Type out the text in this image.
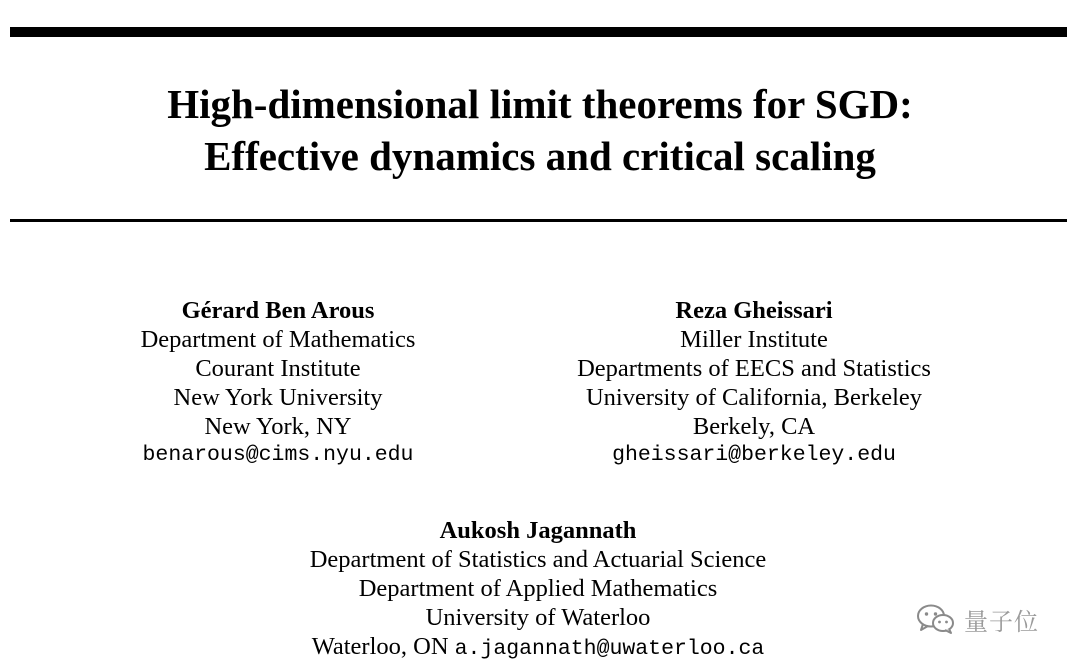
High-dimensional limit theorems for SGD:
Effective dynamics and critical scaling
Gérard Ben Arous
Department of Mathematics
Courant Institute
New York University
New York, NY
benarous@cims.nyu.edu
Reza Gheissari
Miller Institute
Departments of EECS and Statistics
University of California, Berkeley
Berkely, CA
gheissari@berkeley.edu
Aukosh Jagannath
Department of Statistics and Actuarial Science
Department of Applied Mathematics
University of Waterloo
Waterloo, ON a.jagannath@uwaterloo.ca
量子位
